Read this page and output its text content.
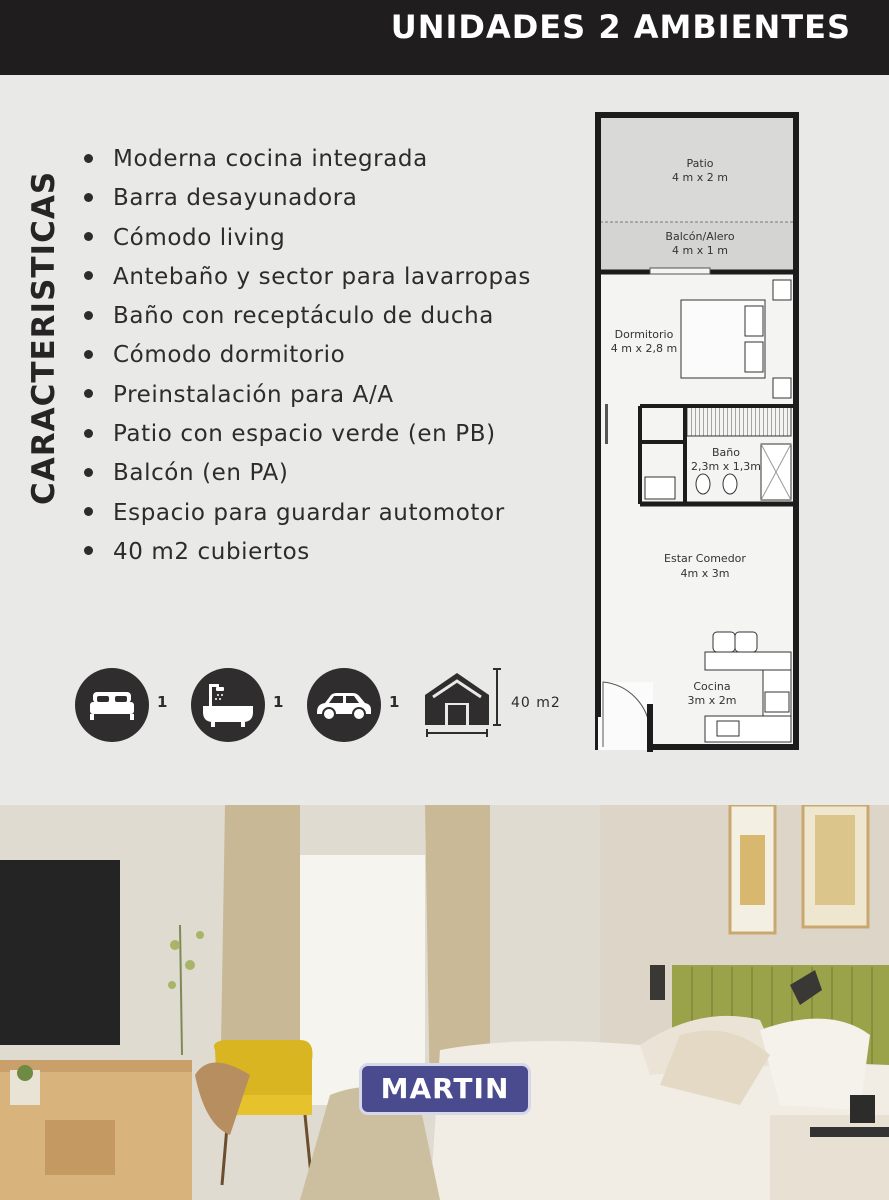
UNIDADES 2 AMBIENTES
CARACTERISTICAS
Moderna cocina integrada
Barra desayunadora
Cómodo living
Antebaño y sector para lavarropas
Baño con receptáculo de ducha
Cómodo dormitorio
Preinstalación para A/A
Patio con espacio verde (en PB)
Balcón (en PA)
Espacio para guardar automotor
40 m2 cubiertos
1	1	1	40 m2
Patio
4 m x 2 m
Balcón/Alero
4 m x 1 m
Dormitorio
4 m x 2,8 m
Baño
2,3m x 1,3m
Estar Comedor
4m x 3m
Cocina
3m x 2m
MARTIN
